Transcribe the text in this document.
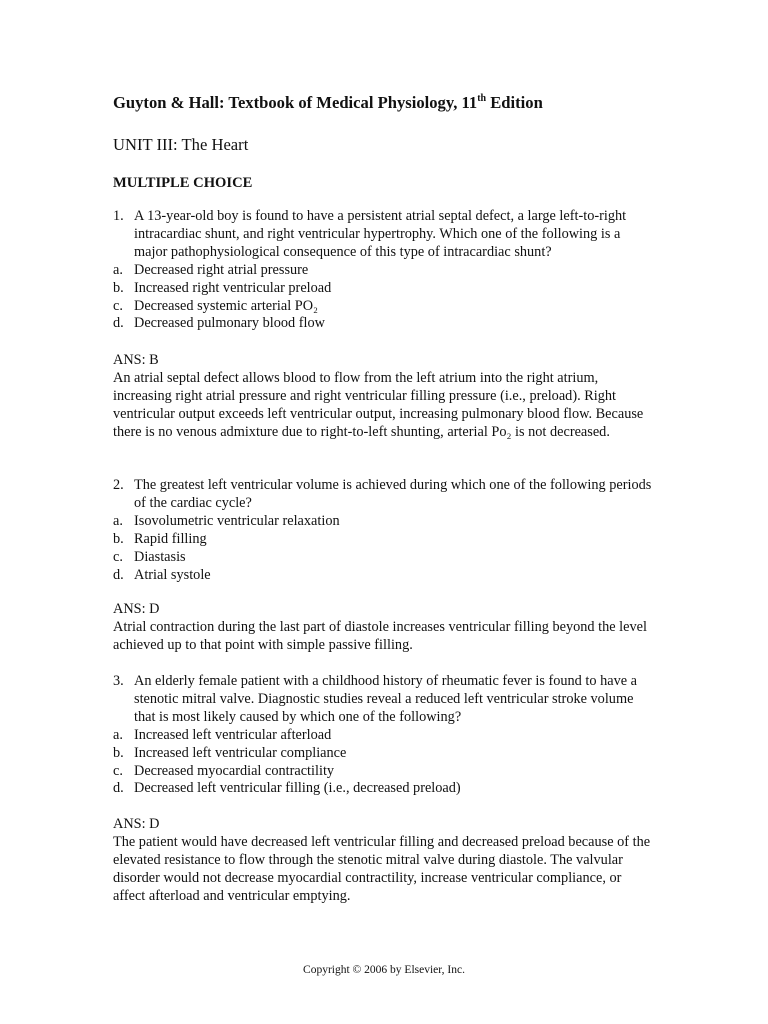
Guyton & Hall: Textbook of Medical Physiology, 11th Edition
UNIT III: The Heart
MULTIPLE CHOICE
1. A 13-year-old boy is found to have a persistent atrial septal defect, a large left-to-right intracardiac shunt, and right ventricular hypertrophy. Which one of the following is a major pathophysiological consequence of this type of intracardiac shunt?
a. Decreased right atrial pressure
b. Increased right ventricular preload
c. Decreased systemic arterial PO₂
d. Decreased pulmonary blood flow
ANS: B
An atrial septal defect allows blood to flow from the left atrium into the right atrium, increasing right atrial pressure and right ventricular filling pressure (i.e., preload). Right ventricular output exceeds left ventricular output, increasing pulmonary blood flow. Because there is no venous admixture due to right-to-left shunting, arterial Po₂ is not decreased.
2. The greatest left ventricular volume is achieved during which one of the following periods of the cardiac cycle?
a. Isovolumetric ventricular relaxation
b. Rapid filling
c. Diastasis
d. Atrial systole
ANS: D
Atrial contraction during the last part of diastole increases ventricular filling beyond the level achieved up to that point with simple passive filling.
3. An elderly female patient with a childhood history of rheumatic fever is found to have a stenotic mitral valve. Diagnostic studies reveal a reduced left ventricular stroke volume that is most likely caused by which one of the following?
a. Increased left ventricular afterload
b. Increased left ventricular compliance
c. Decreased myocardial contractility
d. Decreased left ventricular filling (i.e., decreased preload)
ANS: D
The patient would have decreased left ventricular filling and decreased preload because of the elevated resistance to flow through the stenotic mitral valve during diastole. The valvular disorder would not decrease myocardial contractility, increase ventricular compliance, or affect afterload and ventricular emptying.
Copyright © 2006 by Elsevier, Inc.
